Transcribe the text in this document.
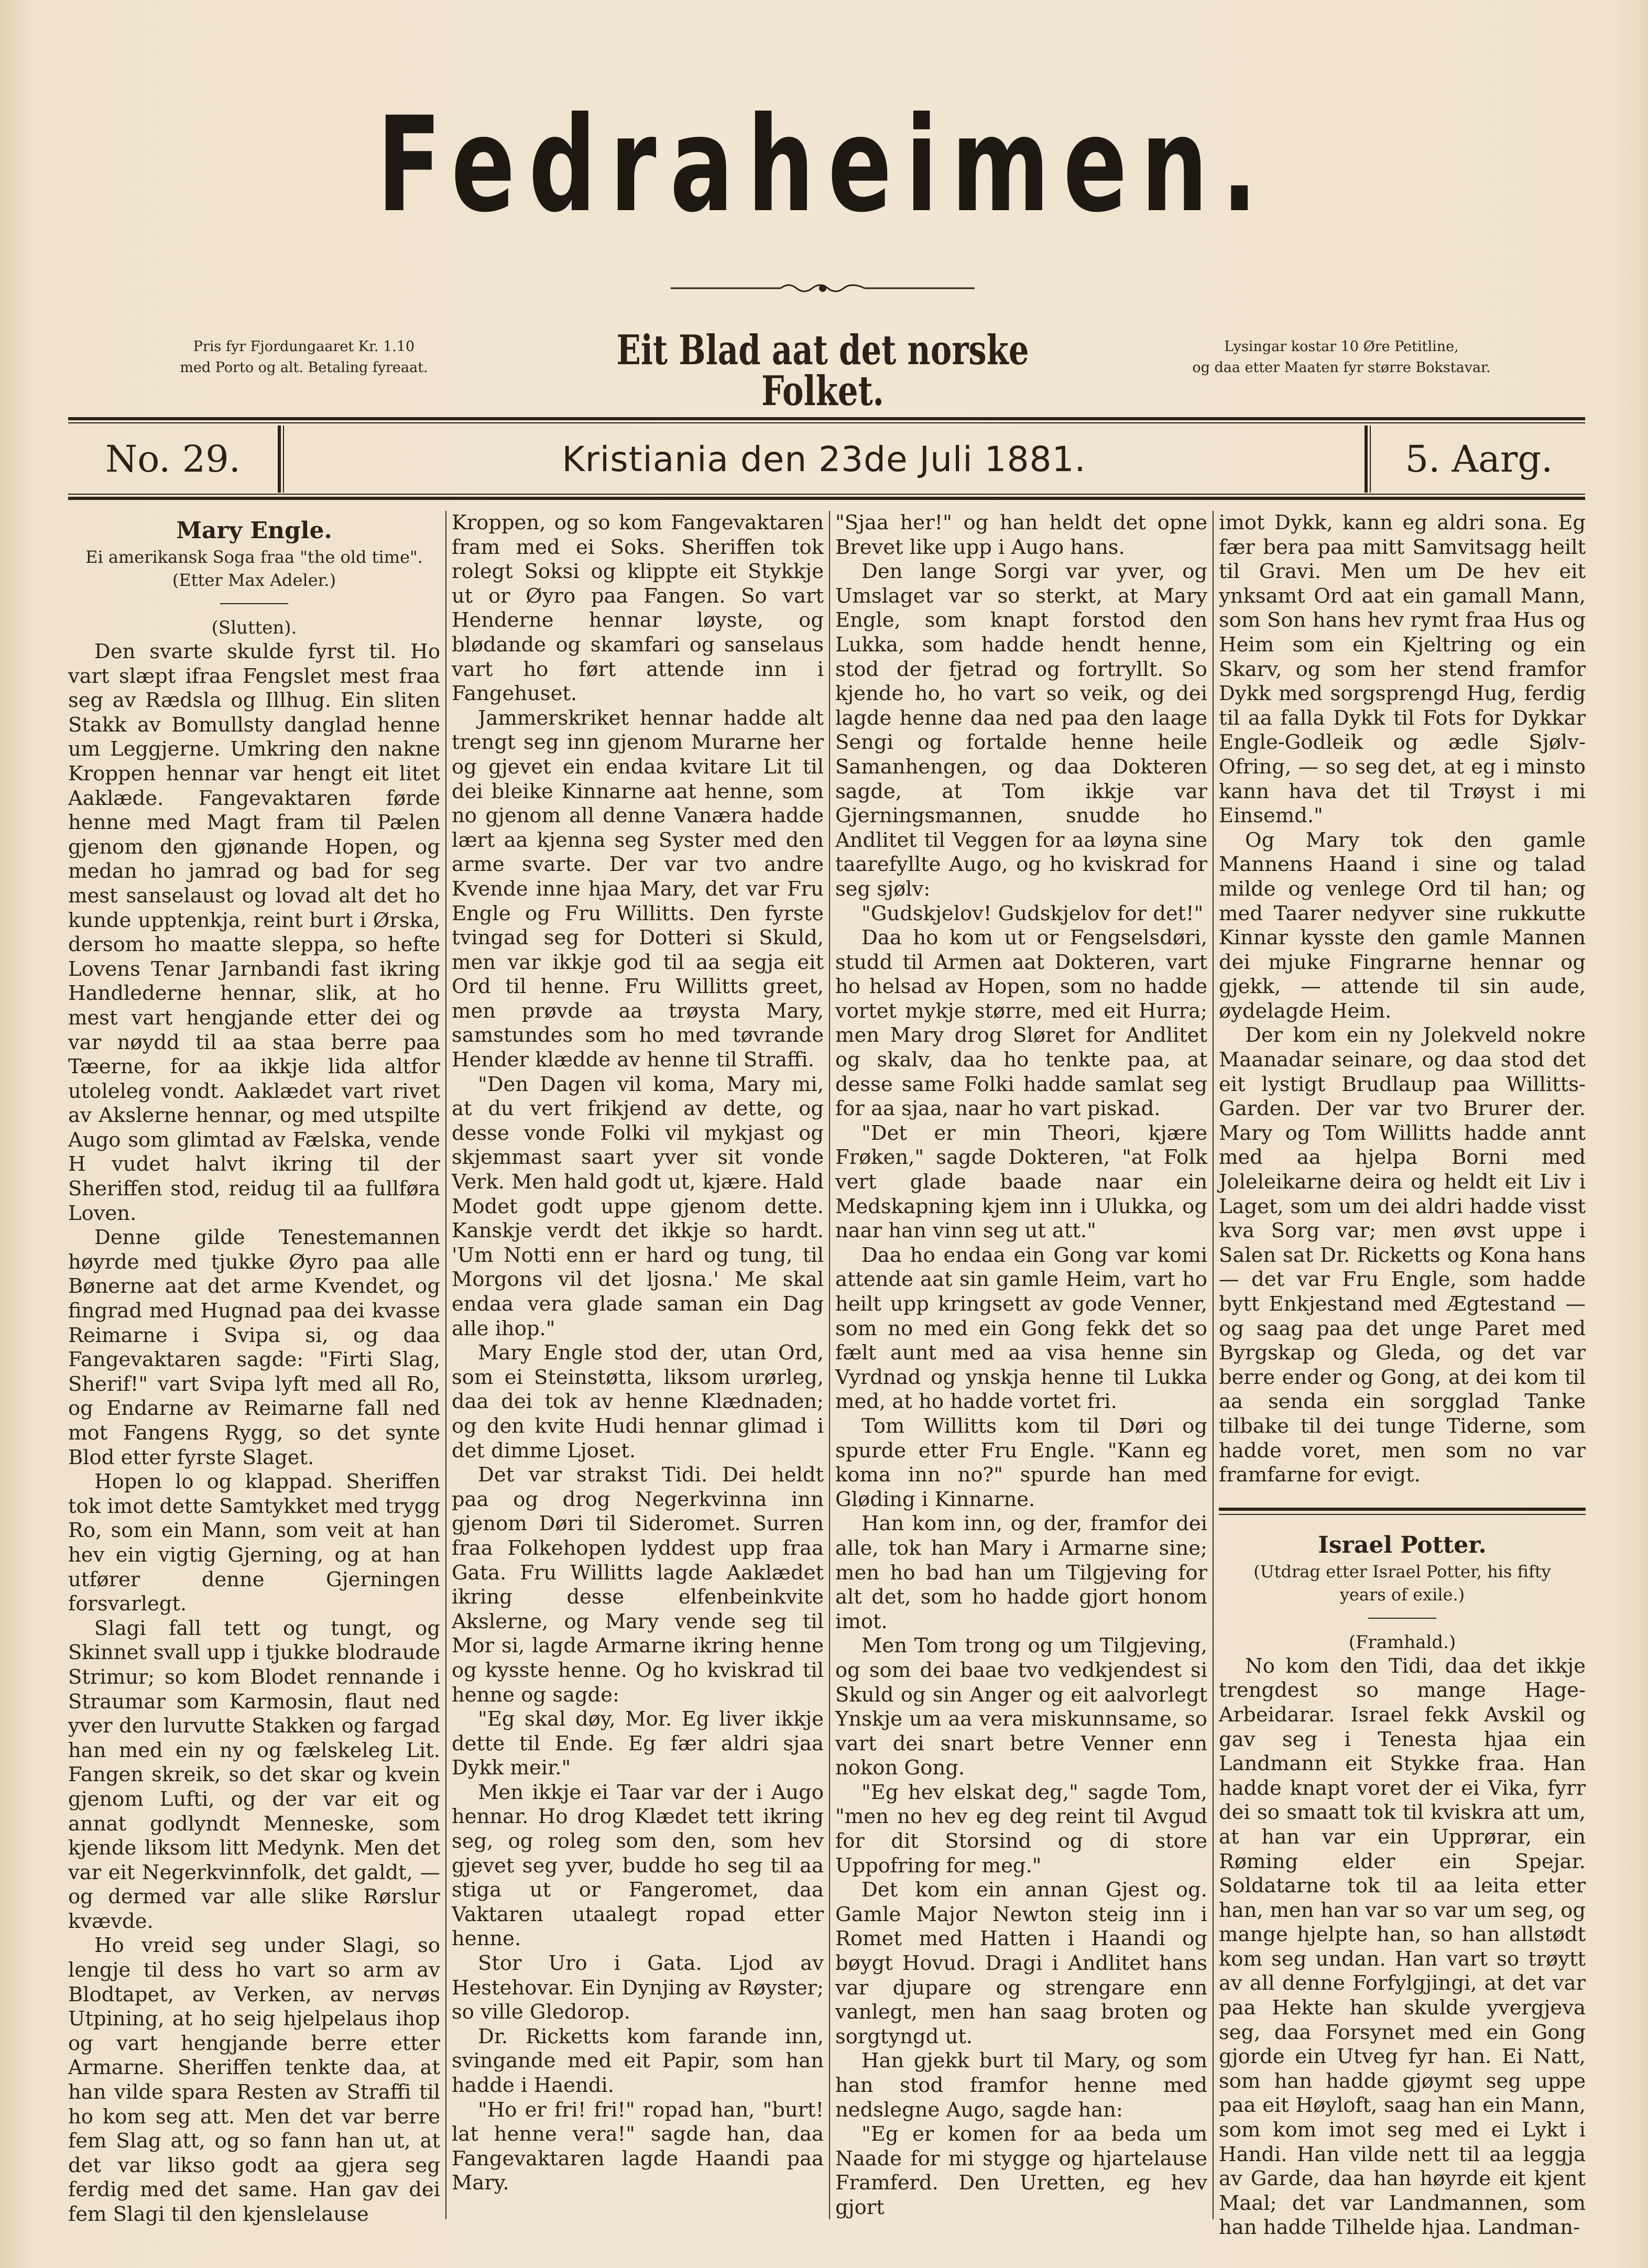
Fedraheimen.
Pris fyr Fjordungaaret Kr. 1.10
med Porto og alt. Betaling fyreaat.	Eit Blad aat det norske Folket.
Lysingar kostar 10 Øre Petitline,
og daa etter Maaten fyr større Bokstavar.
No. 29.	Kristiania den 23de Juli 1881.	5. Aarg.
Mary Engle.
Ei amerikansk Soga fraa "the old time".
(Etter Max Adeler.)
(Slutten).

Den svarte skulde fyrst til. Ho vart slæpt ifraa Fengslet mest fraa seg av Rædsla og Illhug. Ein sliten Stakk av Bomullsty danglad henne um Leggjerne. Umkring den nakne Kroppen hennar var hengt eit litet Aaklæde. Fangevaktaren førde henne med Magt fram til Pælen gjenom den gjønande Hopen, og medan ho jamrad og bad for seg mest sanselaust og lovad alt det ho kunde upptenkja, reint burt i Ørska, dersom ho maatte sleppa, so hefte Lovens Tenar Jarnbandi fast ikring Handlederne hennar, slik, at ho mest vart hengjande etter dei og var nøydd til aa staa berre paa Tæerne, for aa ikkje lida altfor utoleleg vondt. Aaklædet vart rivet av Akslerne hennar, og med utspilte Augo som glimtad av Fælska, vende H vudet halvt ikring til der Sheriffen stod, reidug til aa fullføra Loven.

Denne gilde Tenestemannen høyrde med tjukke Øyro paa alle Bønerne aat det arme Kvendet, og fingrad med Hugnad paa dei kvasse Reimarne i Svipa si, og daa Fangevaktaren sagde: "Firti Slag, Sherif!" vart Svipa lyft med all Ro, og Endarne av Reimarne fall ned mot Fangens Rygg, so det synte Blod etter fyrste Slaget.

Hopen lo og klappad. Sheriffen tok imot dette Samtykket med trygg Ro, som ein Mann, som veit at han hev ein vigtig Gjerning, og at han utfører denne Gjerningen forsvarlegt.

Slagi fall tett og tungt, og Skinnet svall upp i tjukke blodraude Strimur; so kom Blodet rennande i Straumar som Karmosin, flaut ned yver den lurvutte Stakken og fargad han med ein ny og fælskeleg Lit. Fangen skreik, so det skar og kvein gjenom Lufti, og der var eit og annat godlyndt Menneske, som kjende liksom litt Medynk. Men det var eit Negerkvinnfolk, det galdt, — og dermed var alle slike Rørslur kvævde.

Ho vreid seg under Slagi, so lengje til dess ho vart so arm av Blodtapet, av Verken, av nervøs Utpining, at ho seig hjelpelaus ihop og vart hengjande berre etter Armarne. Sheriffen tenkte daa, at han vilde spara Resten av Straffi til ho kom seg att. Men det var berre fem Slag att, og so fann han ut, at det var likso godt aa gjera seg ferdig med det same. Han gav dei fem Slagi til den kjenslelause

Kroppen, og so kom Fangevaktaren fram med ei Soks. Sheriffen tok rolegt Soksi og klippte eit Stykkje ut or Øyro paa Fangen. So vart Henderne hennar løyste, og blødande og skamfari og sanselaus vart ho ført attende inn i Fangehuset.

Jammerskriket hennar hadde alt trengt seg inn gjenom Murarne her og gjevet ein endaa kvitare Lit til dei bleike Kinnarne aat henne, som no gjenom all denne Vanæra hadde lært aa kjenna seg Syster med den arme svarte. Der var tvo andre Kvende inne hjaa Mary, det var Fru Engle og Fru Willitts. Den fyrste tvingad seg for Dotteri si Skuld, men var ikkje god til aa segja eit Ord til henne. Fru Willitts greet, men prøvde aa trøysta Mary, samstundes som ho med tøvrande Hender klædde av henne til Straffi.

"Den Dagen vil koma, Mary mi, at du vert frikjend av dette, og desse vonde Folki vil mykjast og skjemmast saart yver sit vonde Verk. Men hald godt ut, kjære. Hald Modet godt uppe gjenom dette. Kanskje verdt det ikkje so hardt. 'Um Notti enn er hard og tung, til Morgons vil det ljosna.' Me skal endaa vera glade saman ein Dag alle ihop."

Mary Engle stod der, utan Ord, som ei Steinstøtta, liksom urørleg, daa dei tok av henne Klædnaden; og den kvite Hudi hennar glimad i det dimme Ljoset.

Det var strakst Tidi. Dei heldt paa og drog Negerkvinna inn gjenom Døri til Sideromet. Surren fraa Folkehopen lyddest upp fraa Gata. Fru Willitts lagde Aaklædet ikring desse elfenbeinkvite Akslerne, og Mary vende seg til Mor si, lagde Armarne ikring henne og kysste henne. Og ho kviskrad til henne og sagde:

"Eg skal døy, Mor. Eg liver ikkje dette til Ende. Eg fær aldri sjaa Dykk meir."

Men ikkje ei Taar var der i Augo hennar. Ho drog Klædet tett ikring seg, og roleg som den, som hev gjevet seg yver, budde ho seg til aa stiga ut or Fangeromet, daa Vaktaren utaalegt ropad etter henne.

Stor Uro i Gata. Ljod av Hestehovar. Ein Dynjing av Røyster; so ville Gledorop.

Dr. Ricketts kom farande inn, svingande med eit Papir, som han hadde i Haendi.

"Ho er fri! fri!" ropad han, "burt! lat henne vera!" sagde han, daa Fangevaktaren lagde Haandi paa Mary.

"Sjaa her!" og han heldt det opne Brevet like upp i Augo hans.

Den lange Sorgi var yver, og Umslaget var so sterkt, at Mary Engle, som knapt forstod den Lukka, som hadde hendt henne, stod der fjetrad og fortryllt. So kjende ho, ho vart so veik, og dei lagde henne daa ned paa den laage Sengi og fortalde henne heile Samanhengen, og daa Dokteren sagde, at Tom ikkje var Gjerningsmannen, snudde ho Andlitet til Veggen for aa løyna sine taarefyllte Augo, og ho kviskrad for seg sjølv:

"Gudskjelov! Gudskjelov for det!"

Daa ho kom ut or Fengselsdøri, studd til Armen aat Dokteren, vart ho helsad av Hopen, som no hadde vortet mykje større, med eit Hurra; men Mary drog Sløret for Andlitet og skalv, daa ho tenkte paa, at desse same Folki hadde samlat seg for aa sjaa, naar ho vart piskad.

"Det er min Theori, kjære Frøken," sagde Dokteren, "at Folk vert glade baade naar ein Medskapning kjem inn i Ulukka, og naar han vinn seg ut att."

Daa ho endaa ein Gong var komi attende aat sin gamle Heim, vart ho heilt upp kringsett av gode Venner, som no med ein Gong fekk det so fælt aunt med aa visa henne sin Vyrdnad og ynskja henne til Lukka med, at ho hadde vortet fri.

Tom Willitts kom til Døri og spurde etter Fru Engle. "Kann eg koma inn no?" spurde han med Gløding i Kinnarne.

Han kom inn, og der, framfor dei alle, tok han Mary i Armarne sine; men ho bad han um Tilgjeving for alt det, som ho hadde gjort honom imot.

Men Tom trong og um Tilgjeving, og som dei baae tvo vedkjendest si Skuld og sin Anger og eit aalvorlegt Ynskje um aa vera miskunnsame, so vart dei snart betre Venner enn nokon Gong.

"Eg hev elskat deg," sagde Tom, "men no hev eg deg reint til Avgud for dit Storsind og di store Uppofring for meg."

Det kom ein annan Gjest og. Gamle Major Newton steig inn i Romet med Hatten i Haandi og bøygt Hovud. Dragi i Andlitet hans var djupare og strengare enn vanlegt, men han saag broten og sorgtyngd ut.

Han gjekk burt til Mary, og som han stod framfor henne med nedslegne Augo, sagde han:

"Eg er komen for aa beda um Naade for mi stygge og hjartelause Framferd. Den Uretten, eg hev gjort

imot Dykk, kann eg aldri sona. Eg fær bera paa mitt Samvitsagg heilt til Gravi. Men um De hev eit ynksamt Ord aat ein gamall Mann, som Son hans hev rymt fraa Hus og Heim som ein Kjeltring og ein Skarv, og som her stend framfor Dykk med sorgsprengd Hug, ferdig til aa falla Dykk til Fots for Dykkar Engle-Godleik og ædle Sjølv-Ofring, — so seg det, at eg i minsto kann hava det til Trøyst i mi Einsemd."

Og Mary tok den gamle Mannens Haand i sine og talad milde og venlege Ord til han; og med Taarer nedyver sine rukkutte Kinnar kysste den gamle Mannen dei mjuke Fingrarne hennar og gjekk, — attende til sin aude, øydelagde Heim.

Der kom ein ny Jolekveld nokre Maanadar seinare, og daa stod det eit lystigt Brudlaup paa Willitts-Garden. Der var tvo Brurer der. Mary og Tom Willitts hadde annt med aa hjelpa Borni med Joleleikarne deira og heldt eit Liv i Laget, som um dei aldri hadde visst kva Sorg var; men øvst uppe i Salen sat Dr. Ricketts og Kona hans — det var Fru Engle, som hadde bytt Enkjestand med Ægtestand — og saag paa det unge Paret med Byrgskap og Gleda, og det var berre ender og Gong, at dei kom til aa senda ein sorgglad Tanke tilbake til dei tunge Tiderne, som hadde voret, men som no var framfarne for evigt.

Israel Potter.
(Utdrag etter Israel Potter, his fifty
years of exile.)
(Framhald.)

No kom den Tidi, daa det ikkje trengdest so mange Hage-Arbeidarar. Israel fekk Avskil og gav seg i Tenesta hjaa ein Landmann eit Stykke fraa. Han hadde knapt voret der ei Vika, fyrr dei so smaatt tok til kviskra att um, at han var ein Upprørar, ein Røming elder ein Spejar. Soldatarne tok til aa leita etter han, men han var so var um seg, og mange hjelpte han, so han allstødt kom seg undan. Han vart so trøytt av all denne Forfylgjingi, at det var paa Hekte han skulde yvergjeva seg, daa Forsynet med ein Gong gjorde ein Utveg fyr han. Ei Natt, som han hadde gjøymt seg uppe paa eit Høyloft, saag han ein Mann, som kom imot seg med ei Lykt i Handi. Han vilde nett til aa leggja av Garde, daa han høyrde eit kjent Maal; det var Landmannen, som han hadde Tilhelde hjaa. Landman-
